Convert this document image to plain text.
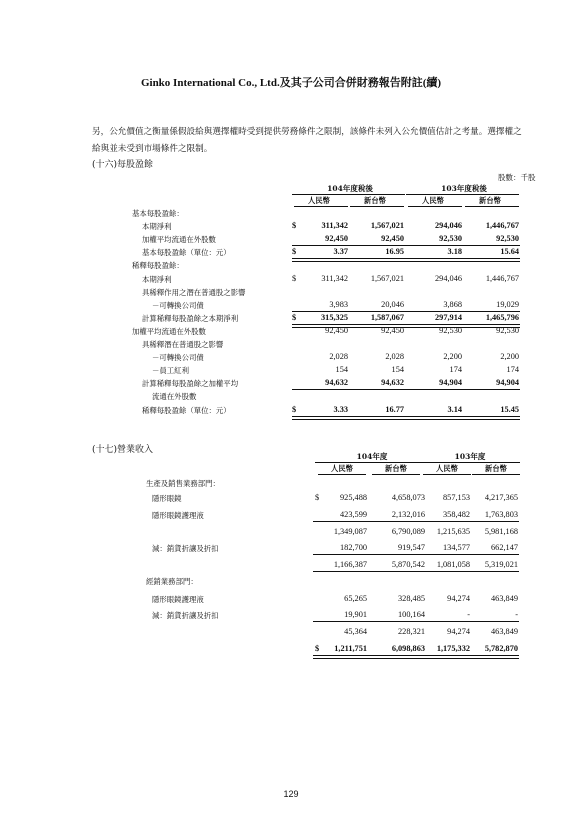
Ginko International Co., Ltd.及其子公司合併財務報告附註(續)
另，公允價值之衡量係假設給與選擇權時受到提供勞務條件之限制，該條件未列入公允價值估計之考量。選擇權之給與並未受到市場條件之限制。
(十六)每股盈餘
股數：千股
104年度稅後	103年度稅後
人民幣	新台幣	人民幣	新台幣
基本每股盈餘：
本期淨利	$	311,342	1,567,021	294,046	1,446,767
加權平均流通在外股數	92,450	92,450	92,530	92,530
基本每股盈餘（單位：元）	$	3.37	16.95	3.18	15.64
稀釋每股盈餘：
本期淨利	$	311,342	1,567,021	294,046	1,446,767
具稀釋作用之潛在普通股之影響
－可轉換公司債	3,983	20,046	3,868	19,029
計算稀釋每股盈餘之本期淨利	$	315,325	1,587,067	297,914	1,465,796
加權平均流通在外股數	92,450	92,450	92,530	92,530
具稀釋潛在普通股之影響
－可轉換公司債	2,028	2,028	2,200	2,200
－員工紅利	154	154	174	174
計算稀釋每股盈餘之加權平均	94,632	94,632	94,904	94,904
流通在外股數
稀釋每股盈餘（單位：元）	$	3.33	16.77	3.14	15.45
(十七)營業收入
104年度	103年度
人民幣	新台幣	人民幣	新台幣
生產及銷售業務部門：
隱形眼鏡	$	925,488	4,658,073	857,153	4,217,365
隱形眼鏡護理液	423,599	2,132,016	358,482	1,763,803
1,349,087	6,790,089	1,215,635	5,981,168
減：銷貨折讓及折扣	182,700	919,547	134,577	662,147
1,166,387	5,870,542	1,081,058	5,319,021
經銷業務部門：
隱形眼鏡護理液	65,265	328,485	94,274	463,849
減：銷貨折讓及折扣	19,901	100,164	-	-
45,364	228,321	94,274	463,849
$	1,211,751	6,098,863	1,175,332	5,782,870
129
